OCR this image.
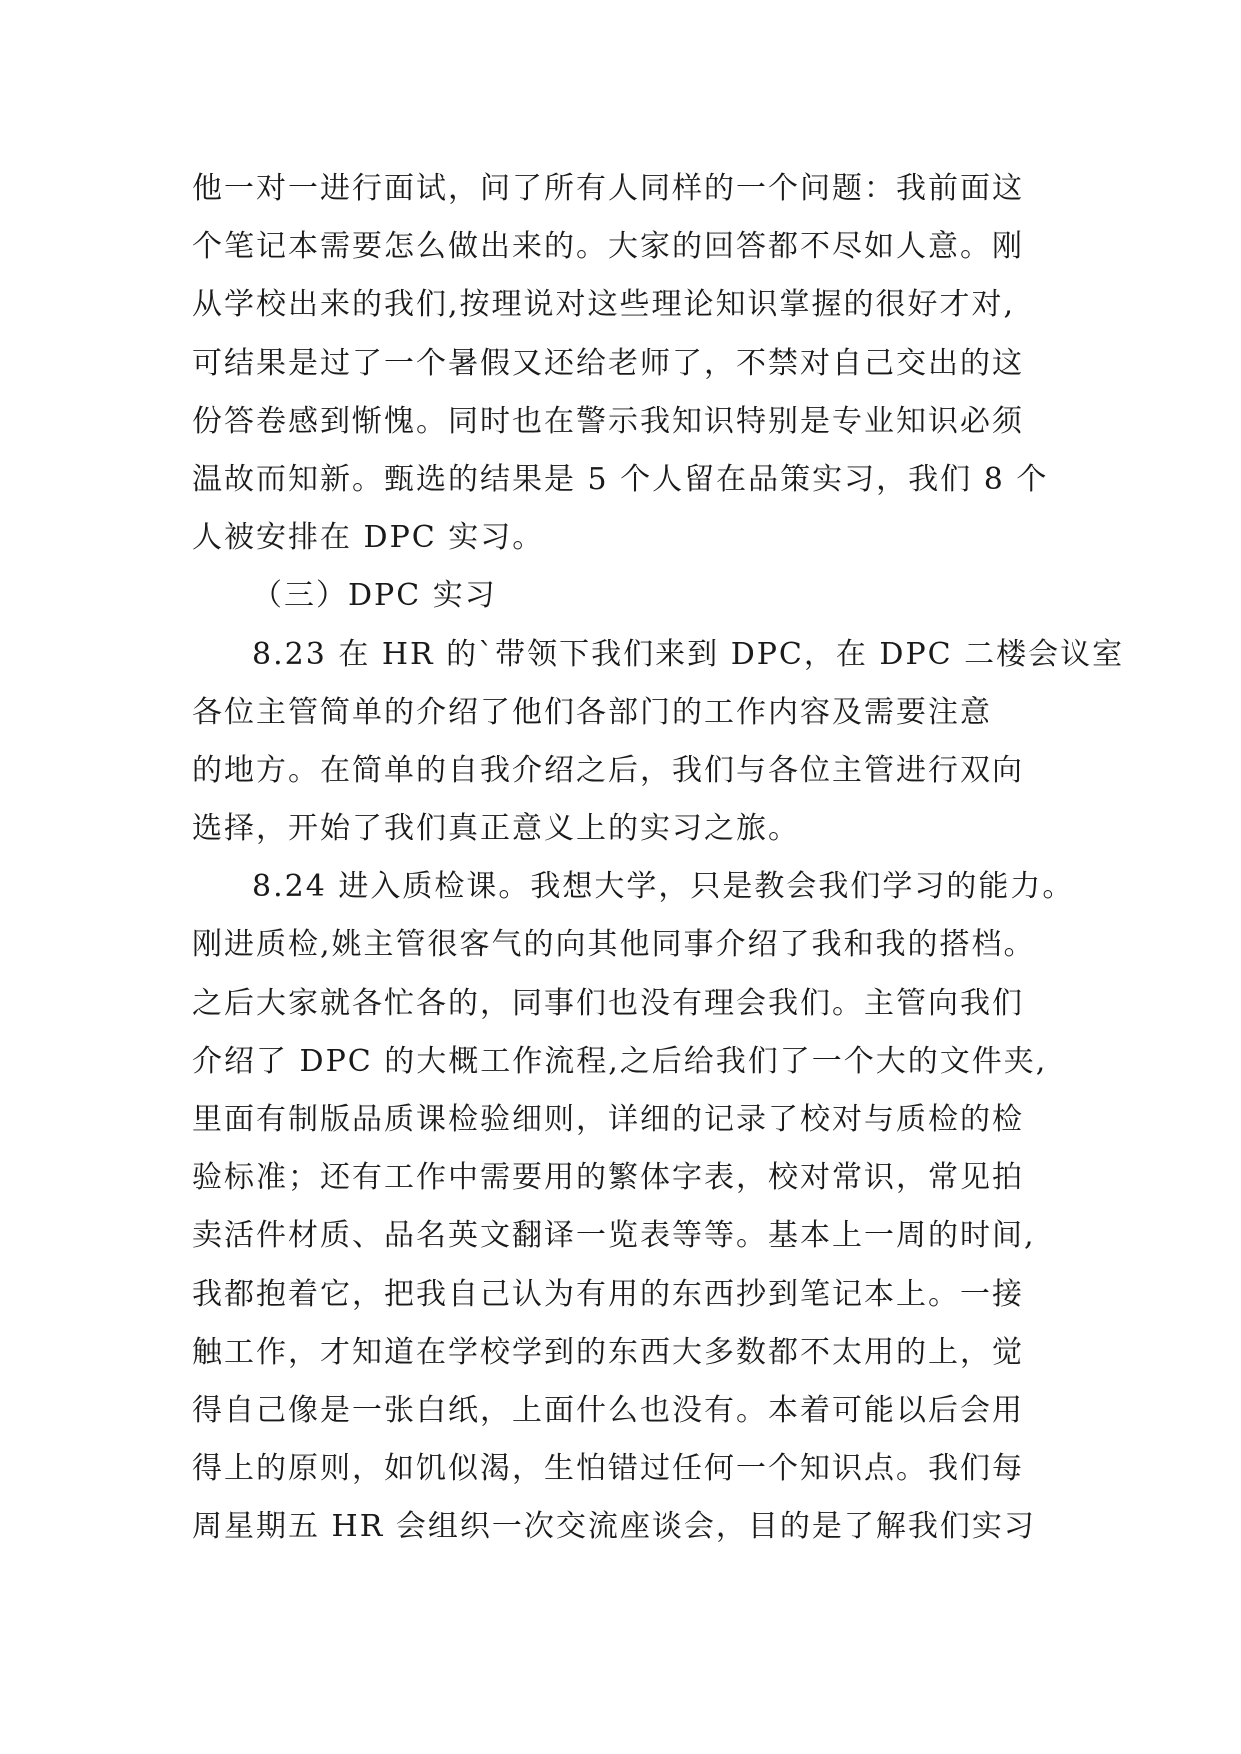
他一对一进行面试，问了所有人同样的一个问题：我前面这
个笔记本需要怎么做出来的。大家的回答都不尽如人意。刚
从学校出来的我们,按理说对这些理论知识掌握的很好才对,
可结果是过了一个暑假又还给老师了，不禁对自己交出的这
份答卷感到惭愧。同时也在警示我知识特别是专业知识必须
温故而知新。甄选的结果是 5 个人留在品策实习，我们 8 个
人被安排在 DPC 实习。
（三）DPC 实习
8.23 在 HR 的`带领下我们来到 DPC，在 DPC 二楼会议室
各位主管简单的介绍了他们各部门的工作内容及需要注意
的地方。在简单的自我介绍之后，我们与各位主管进行双向
选择，开始了我们真正意义上的实习之旅。
8.24 进入质检课。我想大学，只是教会我们学习的能力。
刚进质检,姚主管很客气的向其他同事介绍了我和我的搭档。
之后大家就各忙各的，同事们也没有理会我们。主管向我们
介绍了 DPC 的大概工作流程,之后给我们了一个大的文件夹,
里面有制版品质课检验细则，详细的记录了校对与质检的检
验标准；还有工作中需要用的繁体字表，校对常识，常见拍
卖活件材质、品名英文翻译一览表等等。基本上一周的时间,
我都抱着它，把我自己认为有用的东西抄到笔记本上。一接
触工作，才知道在学校学到的东西大多数都不太用的上，觉
得自己像是一张白纸，上面什么也没有。本着可能以后会用
得上的原则，如饥似渴，生怕错过任何一个知识点。我们每
周星期五 HR 会组织一次交流座谈会，目的是了解我们实习
